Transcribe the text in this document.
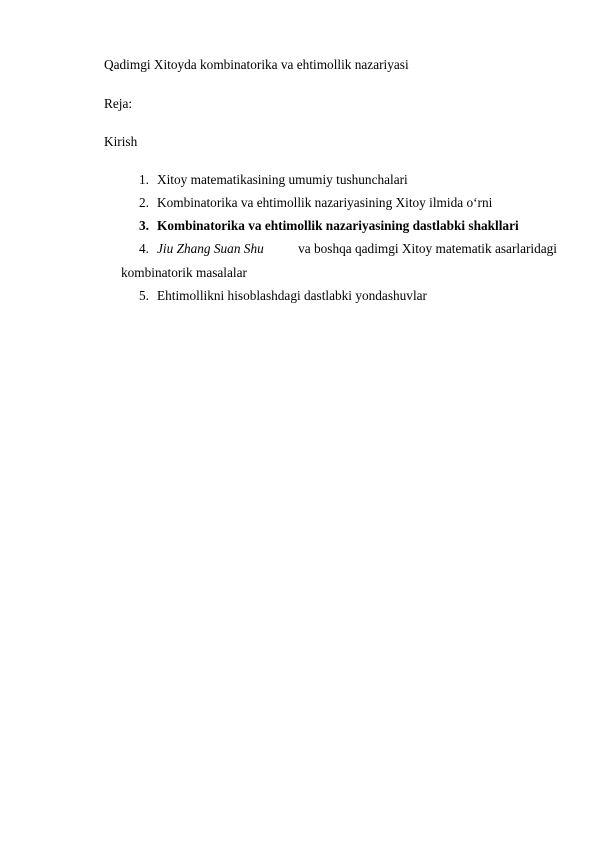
Qadimgi Xitoyda kombinatorika va ehtimollik nazariyasi
Reja:
Kirish
1. Xitoy matematikasining umumiy tushunchalari
2. Kombinatorika va ehtimollik nazariyasining Xitoy ilmida o‘rni
3. Kombinatorika va ehtimollik nazariyasining dastlabki shakllari
4. Jiu Zhang Suan Shu	va boshqa qadimgi Xitoy matematik asarlaridagi
kombinatorik masalalar
5. Ehtimollikni hisoblashdagi dastlabki yondashuvlar
